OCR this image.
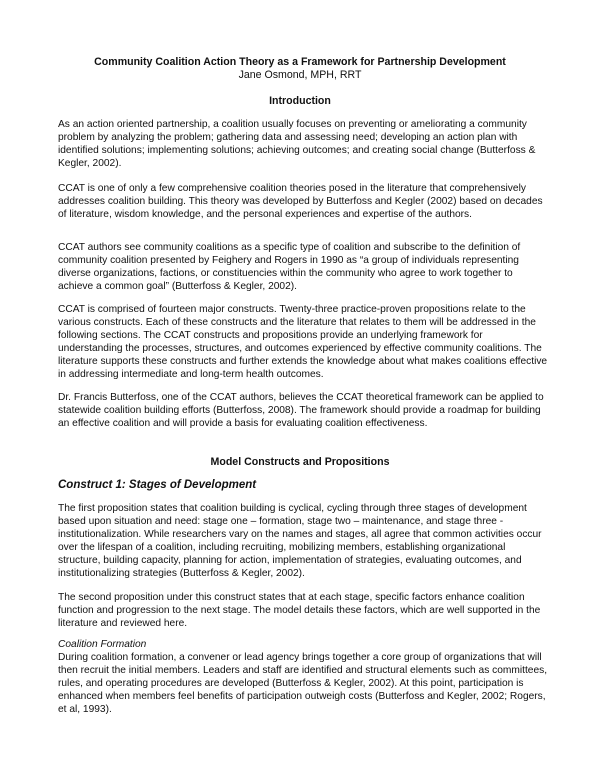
Community Coalition Action Theory as a Framework for Partnership Development
Jane Osmond, MPH, RRT
Introduction

As an action oriented partnership, a coalition usually focuses on preventing or ameliorating a community problem by analyzing the problem; gathering data and assessing need; developing an action plan with identified solutions; implementing solutions; achieving outcomes; and creating social change (Butterfoss & Kegler, 2002).

CCAT is one of only a few comprehensive coalition theories posed in the literature that comprehensively addresses coalition building. This theory was developed by Butterfoss and Kegler (2002) based on decades of literature, wisdom knowledge, and the personal experiences and expertise of the authors.

CCAT authors see community coalitions as a specific type of coalition and subscribe to the definition of community coalition presented by Feighery and Rogers in 1990 as “a group of individuals representing diverse organizations, factions, or constituencies within the community who agree to work together to achieve a common goal” (Butterfoss & Kegler, 2002).

CCAT is comprised of fourteen major constructs. Twenty-three practice-proven propositions relate to the various constructs. Each of these constructs and the literature that relates to them will be addressed in the following sections. The CCAT constructs and propositions provide an underlying framework for understanding the processes, structures, and outcomes experienced by effective community coalitions. The literature supports these constructs and further extends the knowledge about what makes coalitions effective in addressing intermediate and long-term health outcomes.

Dr. Francis Butterfoss, one of the CCAT authors, believes the CCAT theoretical framework can be applied to statewide coalition building efforts (Butterfoss, 2008). The framework should provide a roadmap for building an effective coalition and will provide a basis for evaluating coalition effectiveness.

Model Constructs and Propositions
Construct 1: Stages of Development

The first proposition states that coalition building is cyclical, cycling through three stages of development based upon situation and need: stage one – formation, stage two – maintenance, and stage three - institutionalization. While researchers vary on the names and stages, all agree that common activities occur over the lifespan of a coalition, including recruiting, mobilizing members, establishing organizational structure, building capacity, planning for action, implementation of strategies, evaluating outcomes, and institutionalizing strategies (Butterfoss & Kegler, 2002).

The second proposition under this construct states that at each stage, specific factors enhance coalition function and progression to the next stage. The model details these factors, which are well supported in the literature and reviewed here.

Coalition Formation

During coalition formation, a convener or lead agency brings together a core group of organizations that will then recruit the initial members. Leaders and staff are identified and structural elements such as committees, rules, and operating procedures are developed (Butterfoss & Kegler, 2002). At this point, participation is enhanced when members feel benefits of participation outweigh costs (Butterfoss and Kegler, 2002; Rogers, et al, 1993).
